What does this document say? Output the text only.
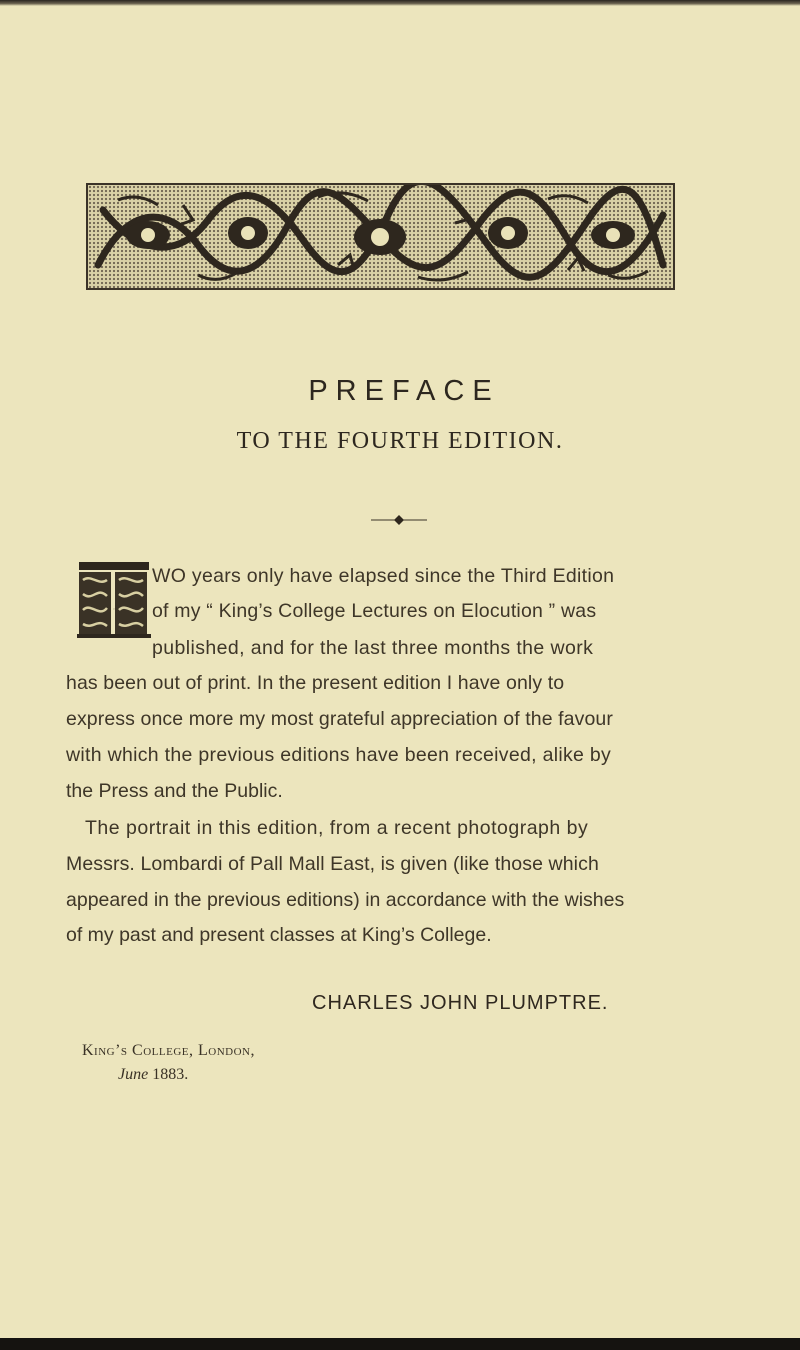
PREFACE
TO THE FOURTH EDITION.
T
WO years only have elapsed since the Third Edition
of my “ King’s College Lectures on Elocution ” was
published, and for the last three months the work
has been out of print. In the present edition I have only to
express once more my most grateful appreciation of the favour
with which the previous editions have been received, alike by
the Press and the Public.
The portrait in this edition, from a recent photograph by
Messrs. Lombardi of Pall Mall East, is given (like those which
appeared in the previous editions) in accordance with the wishes
of my past and present classes at King’s College.
CHARLES JOHN PLUMPTRE.
King’s College, London,
June 1883.
